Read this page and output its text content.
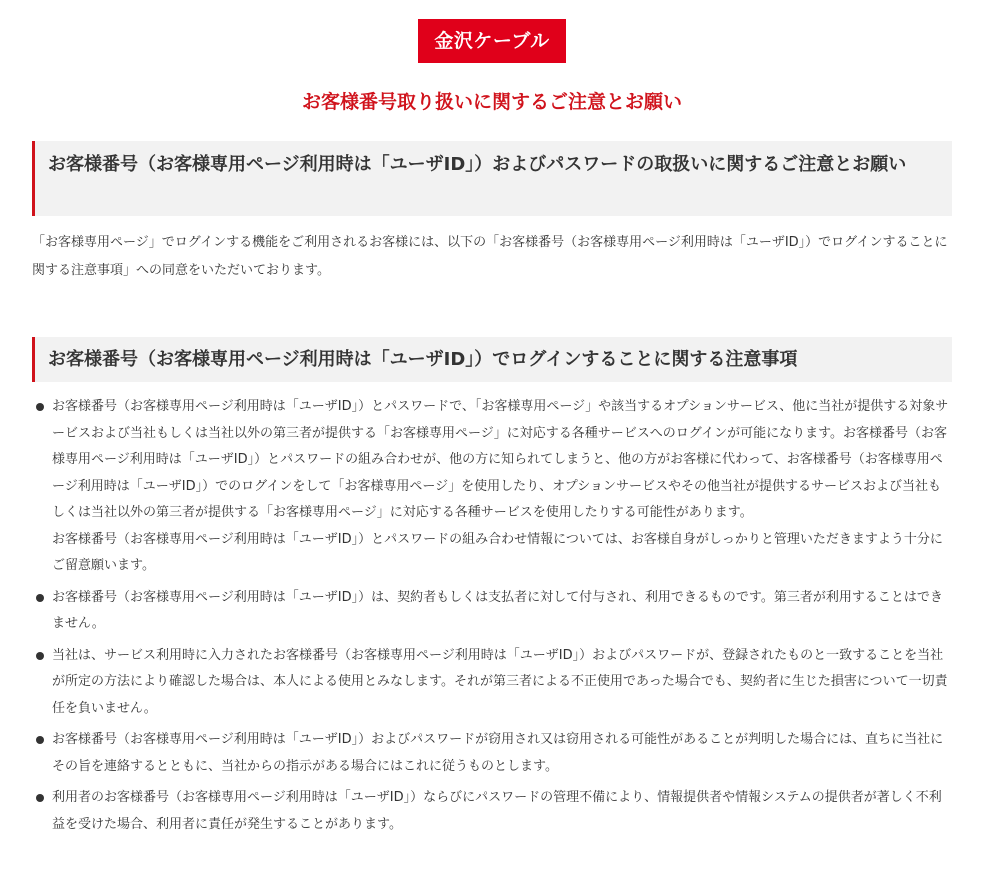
金沢ケーブル
お客様番号取り扱いに関するご注意とお願い
お客様番号（お客様専用ページ利用時は「ユーザID」）およびパスワードの取扱いに関するご注意とお願い

「お客様専用ページ」でログインする機能をご利用されるお客様には、以下の「お客様番号（お客様専用ページ利用時は「ユーザID」）でログインすることに関する注意事項」への同意をいただいております。

お客様番号（お客様専用ページ利用時は「ユーザID」）でログインすることに関する注意事項

お客様番号（お客様専用ページ利用時は「ユーザID」）とパスワードで、「お客様専用ページ」や該当するオプションサービス、他に当社が提供する対象サービスおよび当社もしくは当社以外の第三者が提供する「お客様専用ページ」に対応する各種サービスへのログインが可能になります。お客様番号（お客様専用ページ利用時は「ユーザID」）とパスワードの組み合わせが、他の方に知られてしまうと、他の方がお客様に代わって、お客様番号（お客様専用ページ利用時は「ユーザID」）でのログインをして「お客様専用ページ」を使用したり、オプションサービスやその他当社が提供するサービスおよび当社もしくは当社以外の第三者が提供する「お客様専用ページ」に対応する各種サービスを使用したりする可能性があります。

お客様番号（お客様専用ページ利用時は「ユーザID」）とパスワードの組み合わせ情報については、お客様自身がしっかりと管理いただきますよう十分にご留意願います。

お客様番号（お客様専用ページ利用時は「ユーザID」）は、契約者もしくは支払者に対して付与され、利用できるものです。第三者が利用することはできません。

当社は、サービス利用時に入力されたお客様番号（お客様専用ページ利用時は「ユーザID」）およびパスワードが、登録されたものと一致することを当社が所定の方法により確認した場合は、本人による使用とみなします。それが第三者による不正使用であった場合でも、契約者に生じた損害について一切責任を負いません。

お客様番号（お客様専用ページ利用時は「ユーザID」）およびパスワードが窃用され又は窃用される可能性があることが判明した場合には、直ちに当社にその旨を連絡するとともに、当社からの指示がある場合にはこれに従うものとします。

利用者のお客様番号（お客様専用ページ利用時は「ユーザID」）ならびにパスワードの管理不備により、情報提供者や情報システムの提供者が著しく不利益を受けた場合、利用者に責任が発生することがあります。
